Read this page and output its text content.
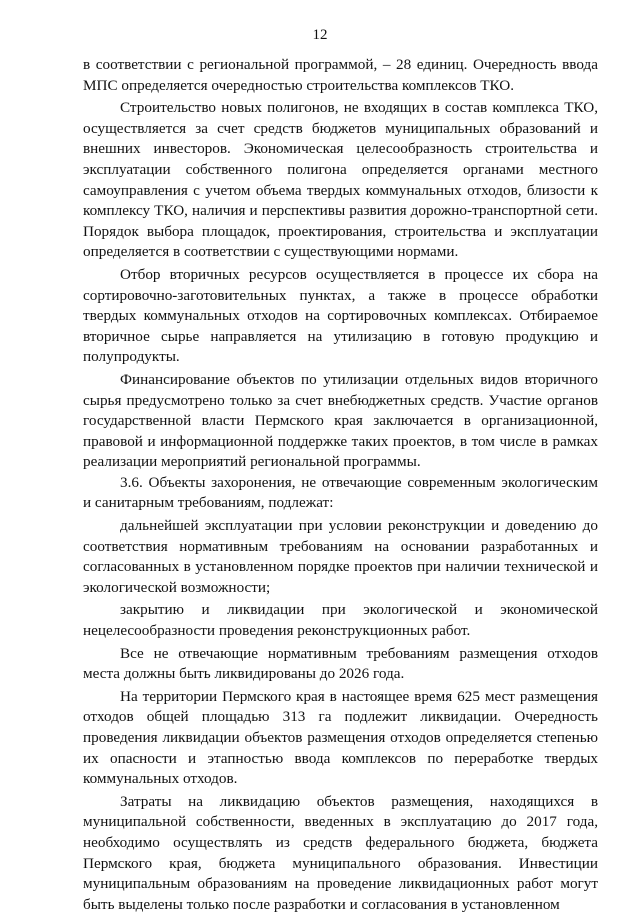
12

в соответствии с региональной программой, – 28 единиц. Очередность ввода МПС определяется очередностью строительства комплексов ТКО.

Строительство новых полигонов, не входящих в состав комплекса ТКО, осуществляется за счет средств бюджетов муниципальных образований и внешних инвесторов. Экономическая целесообразность строительства и эксплуатации собственного полигона определяется органами местного самоуправления с учетом объема твердых коммунальных отходов, близости к комплексу ТКО, наличия и перспективы развития дорожно-транспортной сети. Порядок выбора площадок, проектирования, строительства и эксплуатации определяется в соответствии с существующими нормами.

Отбор вторичных ресурсов осуществляется в процессе их сбора на сортировочно-заготовительных пунктах, а также в процессе обработки твердых коммунальных отходов на сортировочных комплексах. Отбираемое вторичное сырье направляется на утилизацию в готовую продукцию и полупродукты.

Финансирование объектов по утилизации отдельных видов вторичного сырья предусмотрено только за счет внебюджетных средств. Участие органов государственной власти Пермского края заключается в организационной, правовой и информационной поддержке таких проектов, в том числе в рамках реализации мероприятий региональной программы.

3.6. Объекты захоронения, не отвечающие современным экологическим и санитарным требованиям, подлежат:

дальнейшей эксплуатации при условии реконструкции и доведению до соответствия нормативным требованиям на основании разработанных и согласованных в установленном порядке проектов при наличии технической и экологической возможности;

закрытию и ликвидации при экологической и экономической нецелесообразности проведения реконструкционных работ.

Все не отвечающие нормативным требованиям размещения отходов места должны быть ликвидированы до 2026 года.

На территории Пермского края в настоящее время 625 мест размещения отходов общей площадью 313 га подлежит ликвидации. Очередность проведения ликвидации объектов размещения отходов определяется степенью их опасности и этапностью ввода комплексов по переработке твердых коммунальных отходов.

Затраты на ликвидацию объектов размещения, находящихся в муниципальной собственности, введенных в эксплуатацию до 2017 года, необходимо осуществлять из средств федерального бюджета, бюджета Пермского края, бюджета муниципального образования. Инвестиции муниципальным образованиям на проведение ликвидационных работ могут быть выделены только после разработки и согласования в установленном
